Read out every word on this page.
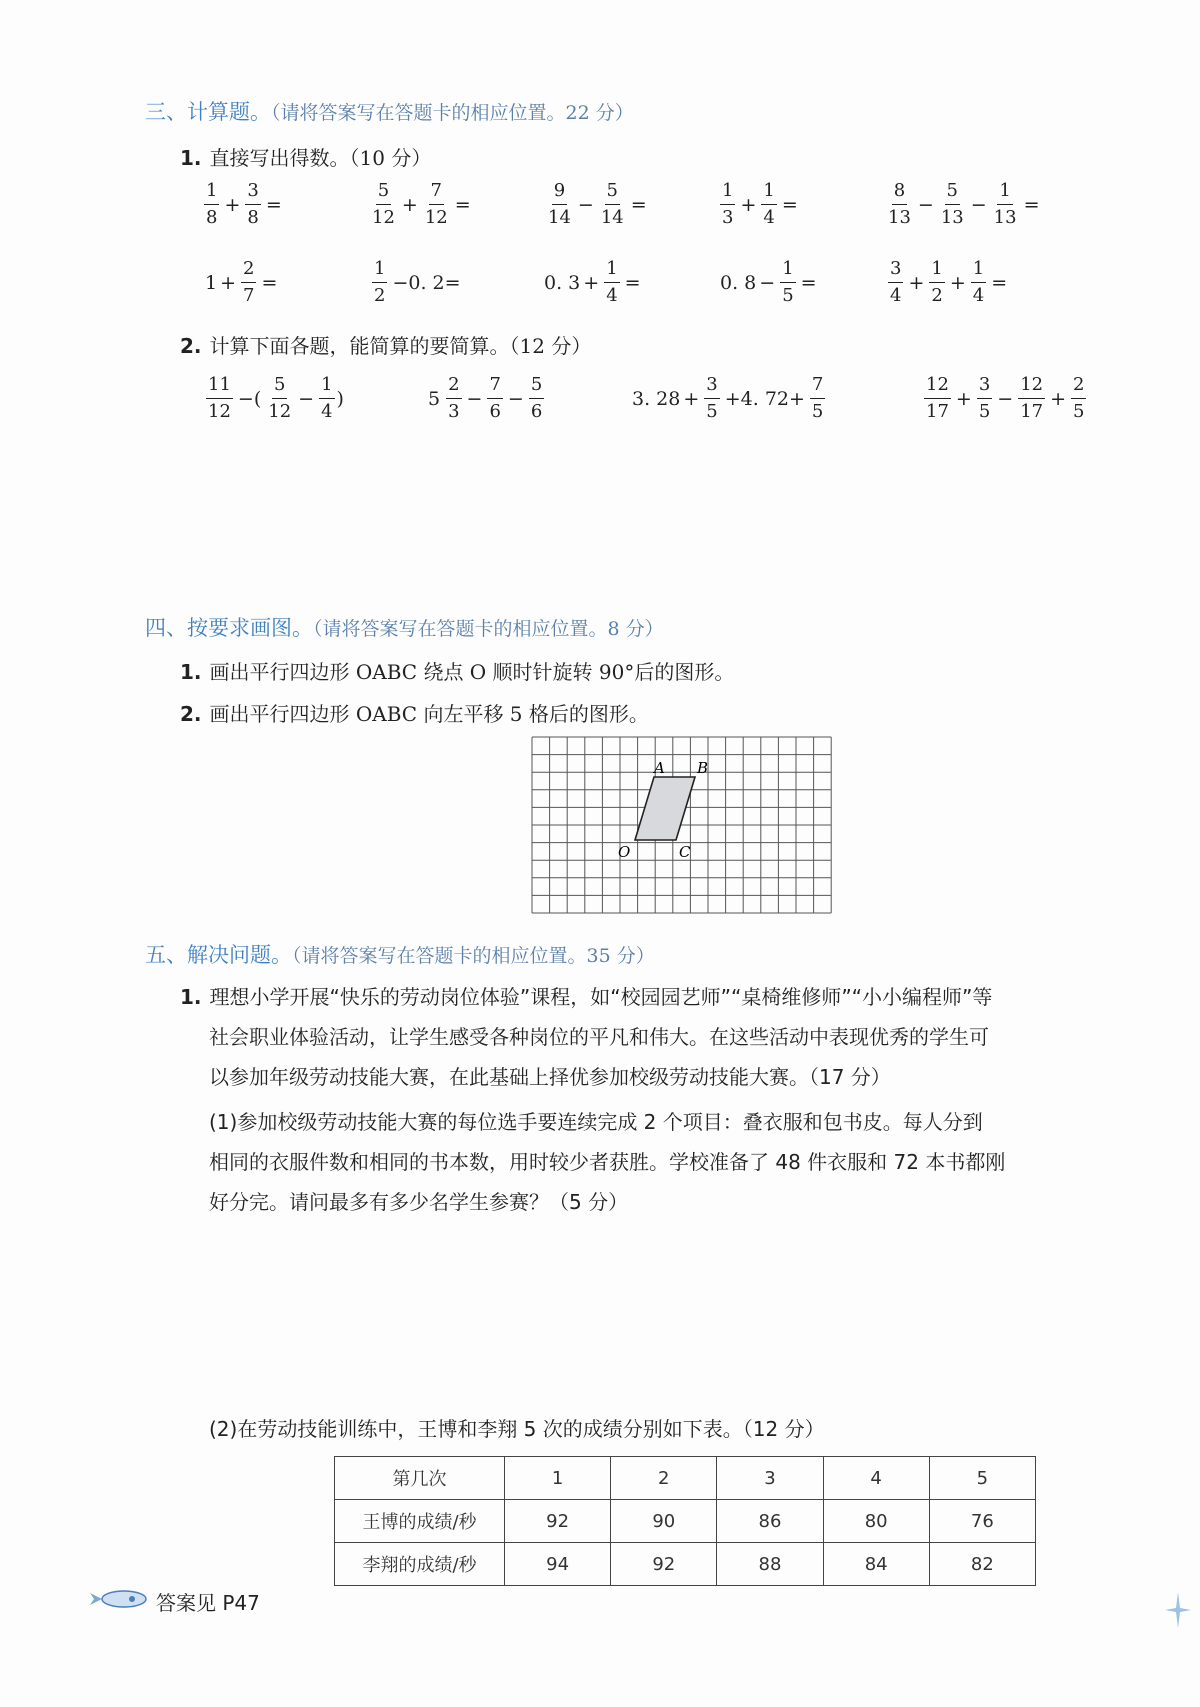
三、计算题。（请将答案写在答题卡的相应位置。22 分）
1. 直接写出得数。（10 分）
$\frac{1}{8} + \frac{3}{8}$ =	$\frac{5}{12} + \frac{7}{12}$ =	$\frac{9}{14} - \frac{5}{14}$ =	$\frac{1}{3} + \frac{1}{4}$ =	$\frac{8}{13} - \frac{5}{13} - \frac{1}{13}$ =
$1 + \frac{2}{7}$ =	$\frac{1}{2} -0$. 2=	0. $3 + \frac{1}{4}$ =	0. $8 - \frac{1}{5}$ =	$\frac{3}{4} + \frac{1}{2} + \frac{1}{4}$ =
2. 计算下面各题，能简算的要简算。（12 分）
$\frac{11}{12}$ −( $\frac{5}{12} - \frac{1}{4}$ )	$5 \frac{2}{3} - \frac{7}{6} - \frac{5}{6}$	3. $28 + \frac{3}{5} +4$. $72+ \frac{7}{5}$	$\frac{12}{17} + \frac{3}{5} - \frac{12}{17} + \frac{2}{5}$
四、按要求画图。（请将答案写在答题卡的相应位置。8 分）
1. 画出平行四边形 OABC 绕点 O 顺时针旋转 90°后的图形。
2. 画出平行四边形 OABC 向左平移 5 格后的图形。
A B
O	C
五、解决问题。（请将答案写在答题卡的相应位置。35 分）
1. 理想小学开展“快乐的劳动岗位体验”课程，如“校园园艺师”“桌椅维修师”“小小编程师”等
社会职业体验活动，让学生感受各种岗位的平凡和伟大。在这些活动中表现优秀的学生可
以参加年级劳动技能大赛，在此基础上择优参加校级劳动技能大赛。（17 分）
(1)参加校级劳动技能大赛的每位选手要连续完成 2 个项目：叠衣服和包书皮。每人分到
相同的衣服件数和相同的书本数，用时较少者获胜。学校准备了 48 件衣服和 72 本书都刚
好分完。请问最多有多少名学生参赛？（5 分）
(2)在劳动技能训练中，王博和李翔 5 次的成绩分别如下表。（12 分）
第几次	1	2	3	4	5
王博的成绩/秒	92	90	86	80	76
李翔的成绩/秒	94	92	88	84	82
答案见 P47
